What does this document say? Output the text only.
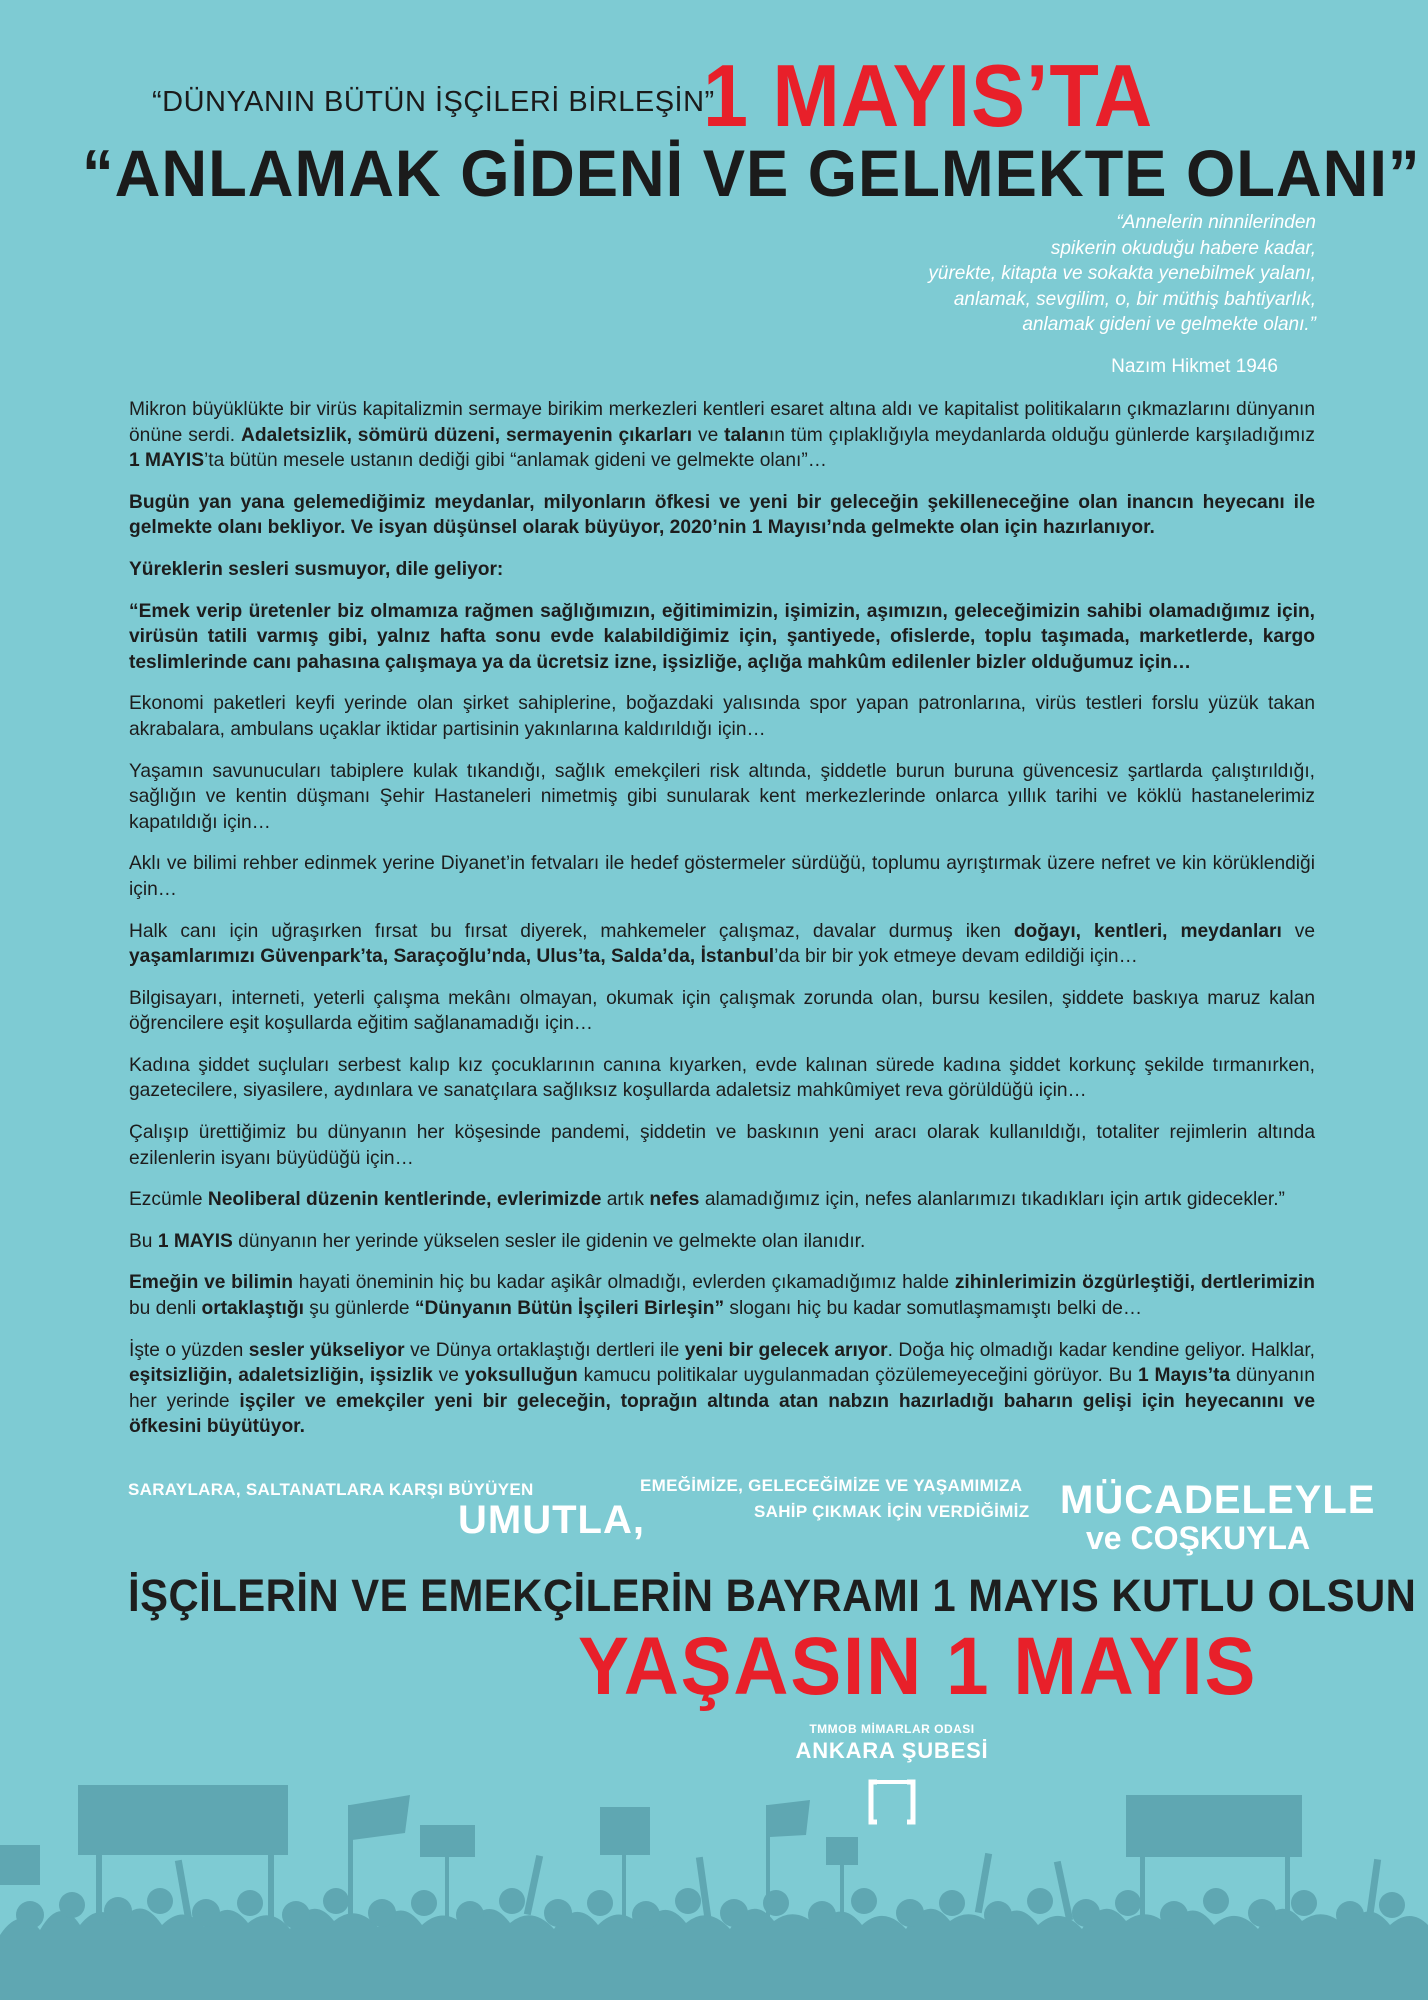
“DÜNYANIN BÜTÜN İŞÇİLERİ BİRLEŞİN”
1 MAYIS’TA
“ANLAMAK GİDENİ VE GELMEKTE OLANI”
“Annelerin ninnilerinden
spikerin okuduğu habere kadar,
yürekte, kitapta ve sokakta yenebilmek yalanı,
anlamak, sevgilim, o, bir müthiş bahtiyarlık,
anlamak gideni ve gelmekte olanı.”
Nazım Hikmet 1946

Mikron büyüklükte bir virüs kapitalizmin sermaye birikim merkezleri kentleri esaret altına aldı ve kapitalist politikaların çıkmazlarını dünyanın önüne serdi. Adaletsizlik, sömürü düzeni, sermayenin çıkarları ve talanın tüm çıplaklığıyla meydanlarda olduğu günlerde karşıladığımız 1 MAYIS’ta bütün mesele ustanın dediği gibi “anlamak gideni ve gelmekte olanı”…

Bugün yan yana gelemediğimiz meydanlar, milyonların öfkesi ve yeni bir geleceğin şekilleneceğine olan inancın heyecanı ile gelmekte olanı bekliyor. Ve isyan düşünsel olarak büyüyor, 2020’nin 1 Mayısı’nda gelmekte olan için hazırlanıyor.

Yüreklerin sesleri susmuyor, dile geliyor:

“Emek verip üretenler biz olmamıza rağmen sağlığımızın, eğitimimizin, işimizin, aşımızın, geleceğimizin sahibi olamadığımız için, virüsün tatili varmış gibi, yalnız hafta sonu evde kalabildiğimiz için, şantiyede, ofislerde, toplu taşımada, marketlerde, kargo teslimlerinde canı pahasına çalışmaya ya da ücretsiz izne, işsizliğe, açlığa mahkûm edilenler bizler olduğumuz için…

Ekonomi paketleri keyfi yerinde olan şirket sahiplerine, boğazdaki yalısında spor yapan patronlarına, virüs testleri forslu yüzük takan akrabalara, ambulans uçaklar iktidar partisinin yakınlarına kaldırıldığı için…

Yaşamın savunucuları tabiplere kulak tıkandığı, sağlık emekçileri risk altında, şiddetle burun buruna güvencesiz şartlarda çalıştırıldığı, sağlığın ve kentin düşmanı Şehir Hastaneleri nimetmiş gibi sunularak kent merkezlerinde onlarca yıllık tarihi ve köklü hastanelerimiz kapatıldığı için…

Aklı ve bilimi rehber edinmek yerine Diyanet’in fetvaları ile hedef göstermeler sürdüğü, toplumu ayrıştırmak üzere nefret ve kin körüklendiği için…

Halk canı için uğraşırken fırsat bu fırsat diyerek, mahkemeler çalışmaz, davalar durmuş iken doğayı, kentleri, meydanları ve yaşamlarımızı Güvenpark’ta, Saraçoğlu’nda, Ulus’ta, Salda’da, İstanbul’da bir bir yok etmeye devam edildiği için…

Bilgisayarı, interneti, yeterli çalışma mekânı olmayan, okumak için çalışmak zorunda olan, bursu kesilen, şiddete baskıya maruz kalan öğrencilere eşit koşullarda eğitim sağlanamadığı için…

Kadına şiddet suçluları serbest kalıp kız çocuklarının canına kıyarken, evde kalınan sürede kadına şiddet korkunç şekilde tırmanırken, gazetecilere, siyasilere, aydınlara ve sanatçılara sağlıksız koşullarda adaletsiz mahkûmiyet reva görüldüğü için…

Çalışıp ürettiğimiz bu dünyanın her köşesinde pandemi, şiddetin ve baskının yeni aracı olarak kullanıldığı, totaliter rejimlerin altında ezilenlerin isyanı büyüdüğü için…

Ezcümle Neoliberal düzenin kentlerinde, evlerimizde artık nefes alamadığımız için, nefes alanlarımızı tıkadıkları için artık gidecekler.”

Bu 1 MAYIS dünyanın her yerinde yükselen sesler ile gidenin ve gelmekte olan ilanıdır.

Emeğin ve bilimin hayati öneminin hiç bu kadar aşikâr olmadığı, evlerden çıkamadığımız halde zihinlerimizin özgürleştiği, dertlerimizin bu denli ortaklaştığı şu günlerde “Dünyanın Bütün İşçileri Birleşin” sloganı hiç bu kadar somutlaşmamıştı belki de…

İşte o yüzden sesler yükseliyor ve Dünya ortaklaştığı dertleri ile yeni bir gelecek arıyor. Doğa hiç olmadığı kadar kendine geliyor. Halklar, eşitsizliğin, adaletsizliğin, işsizlik ve yoksulluğun kamucu politikalar uygulanmadan çözülemeyeceğini görüyor. Bu 1 Mayıs’ta dünyanın her yerinde işçiler ve emekçiler yeni bir geleceğin, toprağın altında atan nabzın hazırladığı baharın gelişi için heyecanını ve öfkesini büyütüyor.

SARAYLARA, SALTANATLARA KARŞI BÜYÜYEN
UMUTLA,
EMEĞİMİZE, GELECEĞİMİZE VE YAŞAMIMIZA
SAHİP ÇIKMAK İÇİN VERDİĞİMİZ MÜCADELEYLE
ve COŞKUYLA
İŞÇİLERİN VE EMEKÇİLERİN BAYRAMI 1 MAYIS KUTLU OLSUN
YAŞASIN 1 MAYIS
TMMOB MİMARLAR ODASI
ANKARA ŞUBESİ
